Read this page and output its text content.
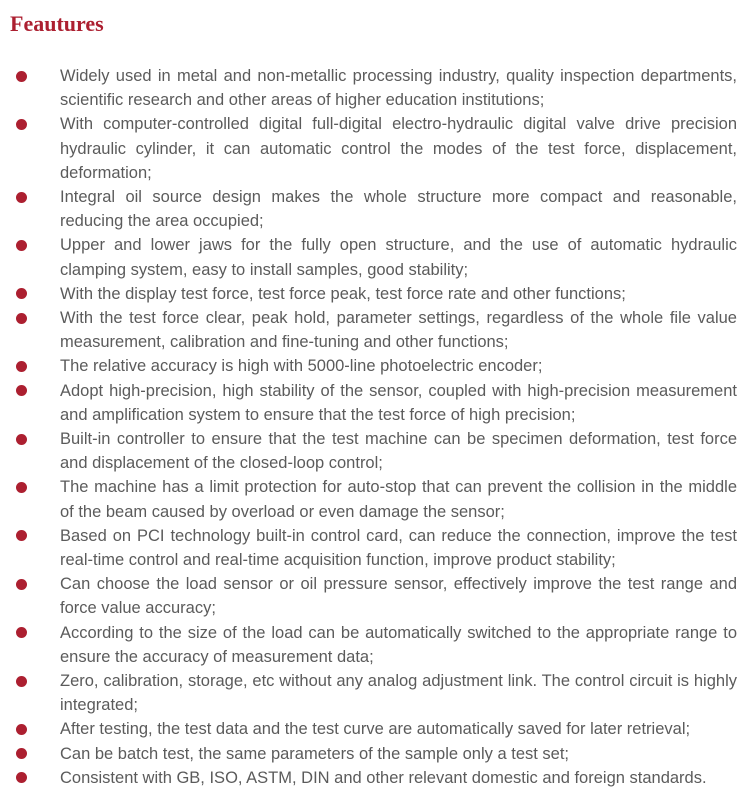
Feautures
Widely used in metal and non-metallic processing industry, quality inspection departments, scientific research and other areas of higher education institutions;
With computer-controlled digital full-digital electro-hydraulic digital valve drive precision hydraulic cylinder, it can automatic control the modes of the test force, displacement, deformation;
Integral oil source design makes the whole structure more compact and reasonable, reducing the area occupied;
Upper and lower jaws for the fully open structure, and the use of automatic hydraulic clamping system, easy to install samples, good stability;
With the display test force, test force peak, test force rate and other functions;
With the test force clear, peak hold, parameter settings, regardless of the whole file value measurement, calibration and fine-tuning and other functions;
The relative accuracy is high with 5000-line photoelectric encoder;
Adopt high-precision, high stability of the sensor, coupled with high-precision measurement and amplification system to ensure that the test force of high precision;
Built-in controller to ensure that the test machine can be specimen deformation, test force and displacement of the closed-loop control;
The machine has a limit protection for auto-stop that can prevent the collision in the middle of the beam caused by overload or even damage the sensor;
Based on PCI technology built-in control card, can reduce the connection, improve the test real-time control and real-time acquisition function, improve product stability;
Can choose the load sensor or oil pressure sensor, effectively improve the test range and force value accuracy;
According to the size of the load can be automatically switched to the appropriate range to ensure the accuracy of measurement data;
Zero, calibration, storage, etc without any analog adjustment link. The control circuit is highly integrated;
After testing, the test data and the test curve are automatically saved for later retrieval;
Can be batch test, the same parameters of the sample only a test set;
Consistent with GB, ISO, ASTM, DIN and other relevant domestic and foreign standards.
